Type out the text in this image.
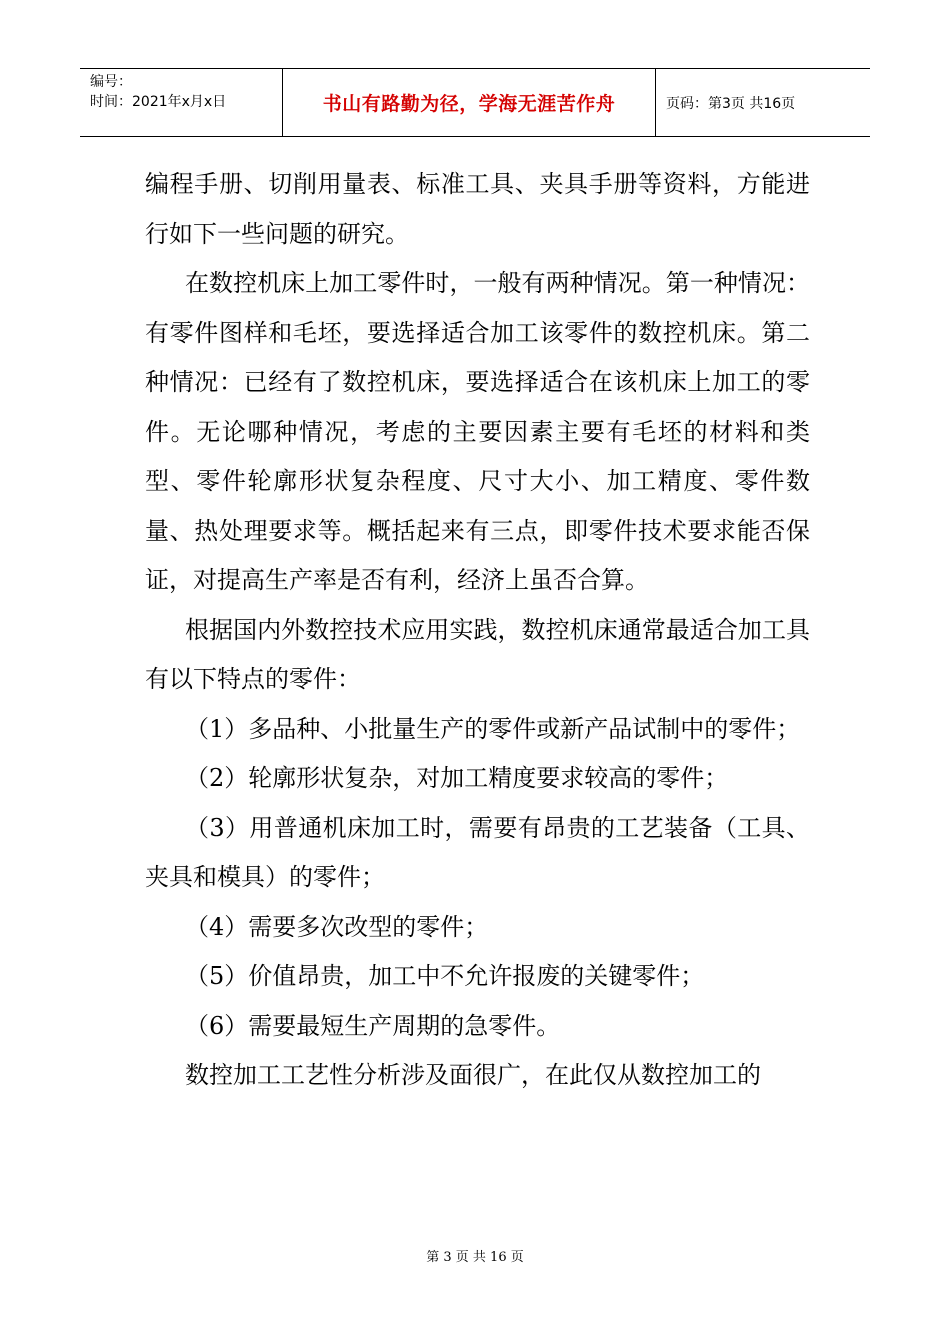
编号：
时间：2021年x月x日	书山有路勤为径，学海无涯苦作舟	页码：第3页 共16页

编程手册、切削用量表、标准工具、夹具手册等资料，方能进行如下一些问题的研究。

在数控机床上加工零件时，一般有两种情况。第一种情况：有零件图样和毛坯，要选择适合加工该零件的数控机床。第二种情况：已经有了数控机床，要选择适合在该机床上加工的零件。无论哪种情况，考虑的主要因素主要有毛坯的材料和类型、零件轮廓形状复杂程度、尺寸大小、加工精度、零件数量、热处理要求等。概括起来有三点，即零件技术要求能否保证，对提高生产率是否有利，经济上虽否合算。

根据国内外数控技术应用实践，数控机床通常最适合加工具有以下特点的零件：

（1）多品种、小批量生产的零件或新产品试制中的零件；

（2）轮廓形状复杂，对加工精度要求较高的零件；

（3）用普通机床加工时，需要有昂贵的工艺装备（工具、夹具和模具）的零件；

（4）需要多次改型的零件；

（5）价值昂贵，加工中不允许报废的关键零件；

（6）需要最短生产周期的急零件。

数控加工工艺性分析涉及面很广，在此仅从数控加工的

第 3 页 共 16 页
